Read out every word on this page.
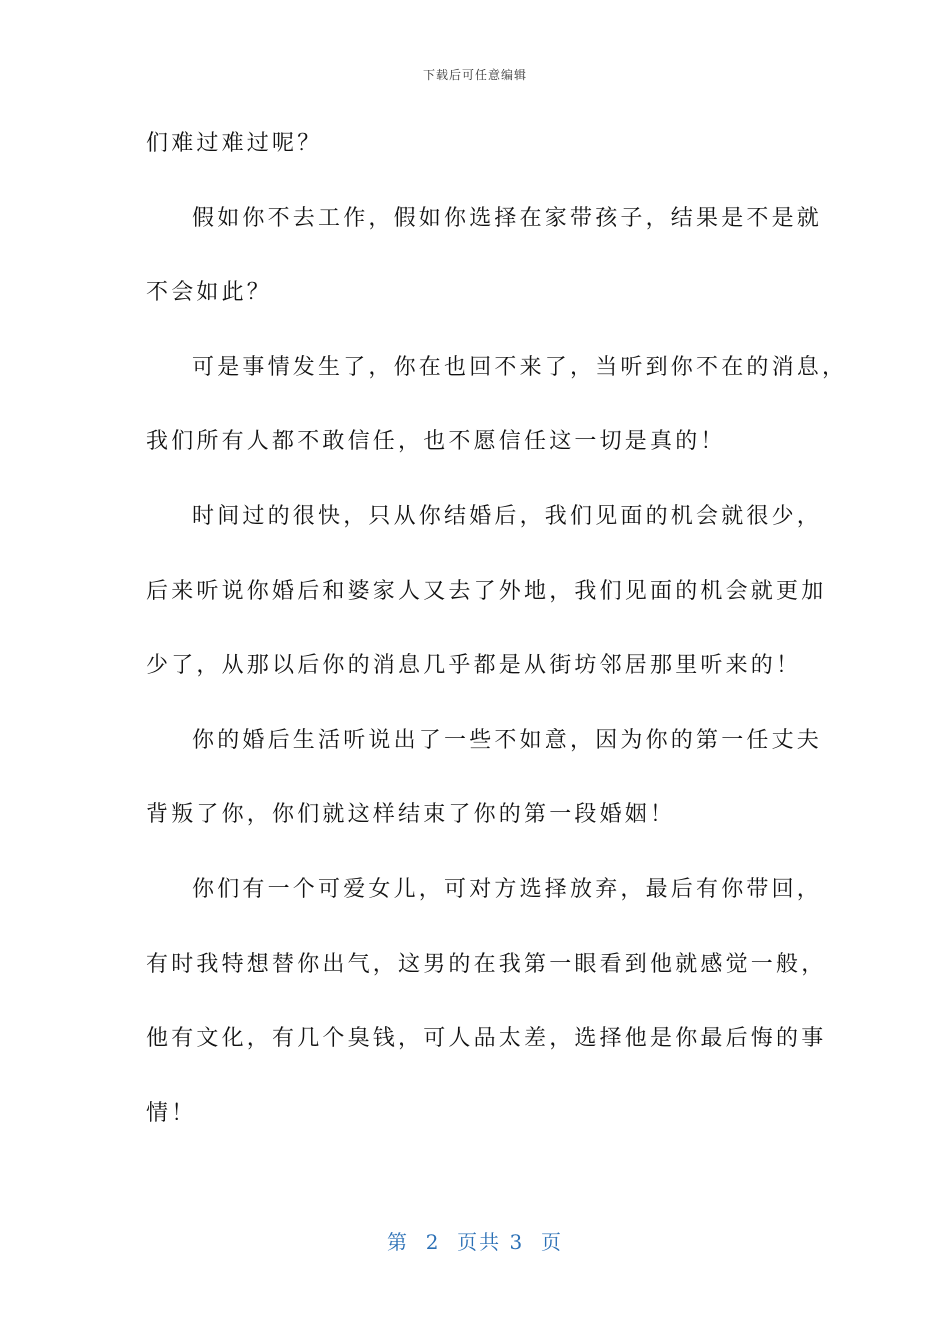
下载后可任意编辑
们难过难过呢？
假如你不去工作，假如你选择在家带孩子，结果是不是就
不会如此？
可是事情发生了，你在也回不来了，当听到你不在的消息，
我们所有人都不敢信任，也不愿信任这一切是真的！
时间过的很快，只从你结婚后，我们见面的机会就很少，
后来听说你婚后和婆家人又去了外地，我们见面的机会就更加
少了，从那以后你的消息几乎都是从街坊邻居那里听来的！
你的婚后生活听说出了一些不如意，因为你的第一任丈夫
背叛了你，你们就这样结束了你的第一段婚姻！
你们有一个可爱女儿，可对方选择放弃，最后有你带回，
有时我特想替你出气，这男的在我第一眼看到他就感觉一般，
他有文化，有几个臭钱，可人品太差，选择他是你最后悔的事
情！
第  2  页共 3  页
